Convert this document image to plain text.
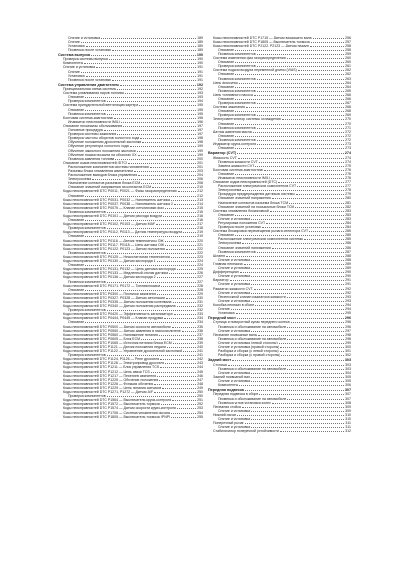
Снятие и установка	189
Снятие	189
Установка	189
Проверка после установки	189
Система выпуска	190
Проверка системы выпуска	190
Компоненты	190
Снятие и установка	191
Снятие	191
Установка	191
Проверка после установки	191
Система управления двигателем	192
Принципиальная схема системы	192
Система улавливания паров топлива	193
Описание	193
Проверка компонентов	194
Система принудительной вентиляции картера	195
Описание	195
Проверка компонентов	195
Бортовая система диагностики	196
Индикатор неисправности (MIL)	196
Описание процедуры обслуживания	197
Основные процедуры	197
Проверка системы зажигания	197
Проверка частоты оборотов холостого хода	198
Обучение положению дроссельной заслонки	198
Обучение регулятора холостого хода	199
Обучение закрытого положения заслонки	199
Обучение подачи воздуха на оборотах ХХ	199
Проверка давления топлива	200
Описание кодов неисправностей (DTC)	201
Расположение компонентов системы управления	201
Разъемы блока управления двигателем	203
Расположение выводов блока управления	204
Электросхема	206
Назначение контактов разъемов блока ECM	208
Описание значений напряжения на контактах ECM	210
Коды неисправностей DTC P0011, P0021 — Фазы газораспределения	212
Описание	212
Коды неисправностей DTC P0031, P0032 — Нагреватель датчика	213
Коды неисправностей DTC P0037, P0038 — Нагреватель датчика 2	214
Коды неисправностей DTC P0075 — Клапан регулировки фаз	215
Проверка компонентов	215
Коды неисправностей DTC P0101 — Датчик расхода воздуха	216
Описание	216
Коды неисправностей DTC P0102, P0103 — Датчик МАF	217
Проверка компонентов	218
Коды неисправностей DTC P0112, P0113 — Датчик температуры воздуха	219
Описание	219
Коды неисправностей DTC P0116 — Датчик температуры ОЖ	220
Коды неисправностей DTC P0117, P0118 — Цепь датчика ОЖ	221
Коды неисправностей DTC P0122, P0123 — Датчик положения	222
Проверка компонентов	222
Коды неисправностей DTC P0125 — Недостаточная температура	223
Коды неисправностей DTC P0130 — Датчик кислорода 1	224
Описание	224
Коды неисправностей DTC P0131, P0132 — Цепь датчика кислорода	225
Коды неисправностей DTC P0133 — Медленный отклик датчика	226
Коды неисправностей DTC P0136 — Датчик кислорода 2	227
Проверка компонентов	227
Коды неисправностей DTC P0171, P0172 — Топливоподача	228
Описание	228
Коды неисправностей DTC P0300 — Пропуски зажигания	229
Коды неисправностей DTC P0327, P0328 — Датчик детонации	230
Коды неисправностей DTC P0335 — Датчик положения коленвала	231
Коды неисправностей DTC P0340 — Датчик положения распредвала	232
Проверка компонентов	232
Коды неисправностей DTC P0420 — Эффективность катализатора	233
Коды неисправностей DTC P0444, P0445 — Клапан продувки	234
Описание	234
Коды неисправностей DTC P0500 — Датчик скорости автомобиля	235
Коды неисправностей DTC P0550 — Датчик давления в гидроусилителе	236
Коды неисправностей DTC P0560 — Напряжение питания	237
Коды неисправностей DTC P0605 — Блок ECM	238
Коды неисправностей DTC P1065 — Источник питания блока ECM	239
Коды неисправностей DTC P1121 — Датчик положения педали	240
Коды неисправностей DTC P1122 — Управление дроссельной заслонкой	241
Проверка компонентов	241
Коды неисправностей DTC P1124, P1126 — Реле дросселя	242
Коды неисправностей DTC P1128 — Электропривод дросселя	243
Коды неисправностей DTC P1211 — Блок управления TCS	244
Коды неисправностей DTC P1212 — Цепь связи TCS	245
Коды неисправностей DTC P1217 — Перегрев двигателя	246
Коды неисправностей DTC P1225 — Обучение положения	247
Коды неисправностей DTC P1226 — Функция обучения	248
Коды неисправностей DTC P1229 — Цепь питания датчиков	249
Коды неисправностей DTC P1271, P1272 — Датчик A/F	250
Проверка компонентов	250
Коды неисправностей DTC P1564 — Выключатель круиз-контроля	251
Коды неисправностей DTC P1572 — Выключатель тормоза	252
Коды неисправностей DTC P1574 — Датчик скорости круиз-контроля	253
Коды неисправностей DTC P1706 — Система управления рычага	254
Коды неисправностей DTC P1805 — Выключатель тормоза (PNP)	255
Коды неисправностей DTC P1715 — Датчик входящего вала	256
Коды неисправностей DTC P1805 — Выключатель тормоза	257
Коды неисправностей DTC P2122, P2123 — Датчик педали	258
Описание	258
Проверка компонентов	259
Система изменения фаз газораспределения	260
Описание	260
Проверка компонентов	261
Система подачи воздуха переменной длины (VIAS)	262
Описание	262
Проверка компонентов	263
Цепь форсунок	264
Описание	264
Проверка компонентов	265
Цепь топливного насоса	266
Описание	266
Проверка компонентов	267
Система зажигания	268
Описание	268
Проверка компонентов	269
Электровентилятор системы охлаждения	270
Описание	270
Проверка компонентов	271
Датчик давления масла	272
Описание	272
Проверка компонентов	272
Индикатор круиз-контроля	273
Описание	273
Вариатор (CVT)	274
Жидкость CVT	274
Проверка жидкости CVT	274
Замена жидкости CVT	275
Бортовая система диагностики	276
Описание	276
Индикатор неисправности (MIL)	276
Описание кодов неисправностей (DTC)	277
Расположение электрических компонентов CVT	277
Электросхема	278
Процедура предупреждения датчиков системы	279
Описание значений напряжения	280
Назначение контактов разъема блока TCM	281
Описание значений на посадочные блоки TCM	282
Система управления блокировкой	283
Описание	283
Снятие и установка	283
Регулировка положения CVT	284
Проверка после установки	284
Система блокировки перемещения рычага селектора CVT	285
Описание	285
Расположение электрических компонентов системы	285
Электросхема	286
Описание значений напряжения	286
Проверка компонентов	287
Шланги	288
Снятие и установка	288
Главная передача	289
Снятие и установка	289
Дифференциал	290
Снятие и установка	290
Вариатор	291
Снятие и установка	291
Радиатор жидкости CVT	292
Снятие и установка	292
Перепускной клапан радиатора жидкости	293
Снятие и установка	293
Коробка передач в сборе	294
Снятие	294
Установка	295
Передний мост	296
Ступица и поворотный кулак переднего колеса	296
Проверка и обслуживание на автомобиле	296
Снятие и установка	297
Передние приводные валы	298
Проверка и обслуживание на автомобиле	298
Снятие и установка (левой стороны)	299
Снятие и установка (правой стороны)	300
Разборка и сборка (с левой стороны)	301
Разборка и сборка (с правой стороны)	302
Задний мост	303
Ступица	303
Проверка и обслуживание на автомобиле	303
Снятие и установка	304
Задний приводной вал	305
Снятие и установка	305
Компоненты	306
Передняя подвеска	307
Передняя подвеска в сборе	307
Проверка и обслуживание на автомобиле	307
Проверка углов установки колес	308
Передняя стойка	309
Снятие и установка	309
Нижний рычаг	310
Снятие и установка	310
Поперечный рычаг	311
Снятие и установка	311
Стабилизатор поперечной устойчивости	312
